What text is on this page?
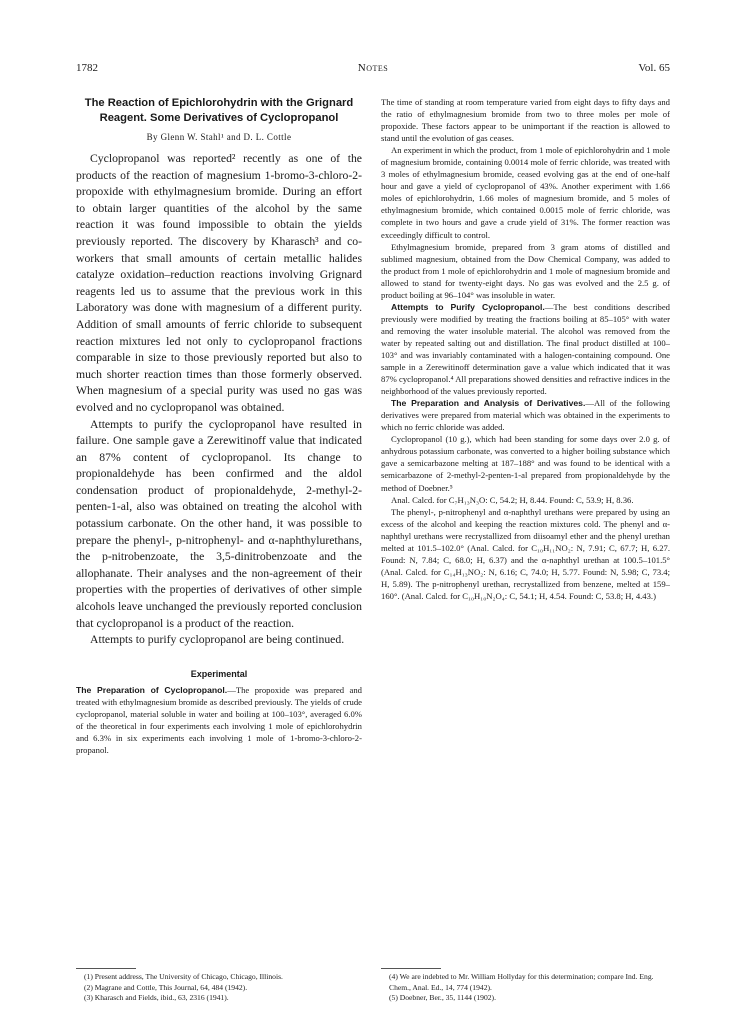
1782	Notes	Vol. 65
The Reaction of Epichlorohydrin with the Grignard Reagent. Some Derivatives of Cyclopropanol
By Glenn W. Stahl¹ and D. L. Cottle

Cyclopropanol was reported² recently as one of the products of the reaction of magnesium 1-bromo-3-chloro-2-propoxide with ethylmagnesium bromide. During an effort to obtain larger quantities of the alcohol by the same reaction it was found impossible to obtain the yields previously reported. The discovery by Kharasch³ and co-workers that small amounts of certain metallic halides catalyze oxidation–reduction reactions involving Grignard reagents led us to assume that the previous work in this Laboratory was done with magnesium of a different purity. Addition of small amounts of ferric chloride to subsequent reaction mixtures led not only to cyclopropanol fractions comparable in size to those previously reported but also to much shorter reaction times than those formerly observed. When magnesium of a special purity was used no gas was evolved and no cyclopropanol was obtained.

Attempts to purify the cyclopropanol have resulted in failure. One sample gave a Zerewitinoff value that indicated an 87% content of cyclopropanol. Its change to propionaldehyde has been confirmed and the aldol condensation product of propionaldehyde, 2-methyl-2-penten-1-al, also was obtained on treating the alcohol with potassium carbonate. On the other hand, it was possible to prepare the phenyl-, p-nitrophenyl- and α-naphthylurethans, the p-nitrobenzoate, the 3,5-dinitrobenzoate and the allophanate. Their analyses and the non-agreement of their properties with the properties of derivatives of other simple alcohols leave unchanged the previously reported conclusion that cyclopropanol is a product of the reaction.

Attempts to purify cyclopropanol are being continued.

Experimental

The Preparation of Cyclopropanol.—The propoxide was prepared and treated with ethylmagnesium bromide as described previously. The yields of crude cyclopropanol, material soluble in water and boiling at 100–103°, averaged 6.0% of the theoretical in four experiments each involving 1 mole of epichlorohydrin and 6.3% in six experiments each involving 1 mole of 1-bromo-3-chloro-2-propanol.

The time of standing at room temperature varied from eight days to fifty days and the ratio of ethylmagnesium bromide from two to three moles per mole of propoxide. These factors appear to be unimportant if the reaction is allowed to stand until the evolution of gas ceases.

An experiment in which the product, from 1 mole of epichlorohydrin and 1 mole of magnesium bromide, containing 0.0014 mole of ferric chloride, was treated with 3 moles of ethylmagnesium bromide, ceased evolving gas at the end of one-half hour and gave a yield of cyclopropanol of 43%. Another experiment with 1.66 moles of epichlorohydrin, 1.66 moles of magnesium bromide, and 5 moles of ethylmagnesium bromide, which contained 0.0015 mole of ferric chloride, was complete in two hours and gave a crude yield of 31%. The former reaction was exceedingly difficult to control.

Ethylmagnesium bromide, prepared from 3 gram atoms of distilled and sublimed magnesium, obtained from the Dow Chemical Company, was added to the product from 1 mole of epichlorohydrin and 1 mole of magnesium bromide and allowed to stand for twenty-eight days. No gas was evolved and the 2.5 g. of product boiling at 96–104° was insoluble in water.

Attempts to Purify Cyclopropanol.—The best conditions described previously were modified by treating the fractions boiling at 85–105° with water and removing the water insoluble material. The alcohol was removed from the water by repeated salting out and distillation. The final product distilled at 100–103° and was invariably contaminated with a halogen-containing compound. One sample in a Zerewitinoff determination gave a value which indicated that it was 87% cyclopropanol.⁴ All preparations showed densities and refractive indices in the neighborhood of the values previously reported.

The Preparation and Analysis of Derivatives.—All of the following derivatives were prepared from material which was obtained in the experiments to which no ferric chloride was added.

Cyclopropanol (10 g.), which had been standing for some days over 2.0 g. of anhydrous potassium carbonate, was converted to a higher boiling substance which gave a semicarbazone melting at 187–188° and was found to be identical with a semicarbazone of 2-methyl-2-penten-1-al prepared from propionaldehyde by the method of Doebner.⁵

Anal. Calcd. for C₇H₁₃N₃O: C, 54.2; H, 8.44. Found: C, 53.9; H, 8.36.

The phenyl-, p-nitrophenyl and α-naphthyl urethans were prepared by using an excess of the alcohol and keeping the reaction mixtures cold. The phenyl and α-naphthyl urethans were recrystallized from diisoamyl ether and the phenyl urethan melted at 101.5–102.0° (Anal. Calcd. for C₁₀H₁₁NO₂: N, 7.91; C, 67.7; H, 6.27. Found: N, 7.84; C, 68.0; H, 6.37) and the α-naphthyl urethan at 100.5–101.5° (Anal. Calcd. for C₁₄H₁₃NO₂: N, 6.16; C, 74.0; H, 5.77. Found: N, 5.98; C, 73.4; H, 5.89). The p-nitrophenyl urethan, recrystallized from benzene, melted at 159–160°. (Anal. Calcd. for C₁₀H₁₀N₂O₄: C, 54.1; H, 4.54. Found: C, 53.8; H, 4.43.)

(1) Present address, The University of Chicago, Chicago, Illinois.
(2) Magrane and Cottle, This Journal, 64, 484 (1942).
(3) Kharasch and Fields, ibid., 63, 2316 (1941).
(4) We are indebted to Mr. William Hollyday for this determination; compare Ind. Eng. Chem., Anal. Ed., 14, 774 (1942).
(5) Doebner, Ber., 35, 1144 (1902).
